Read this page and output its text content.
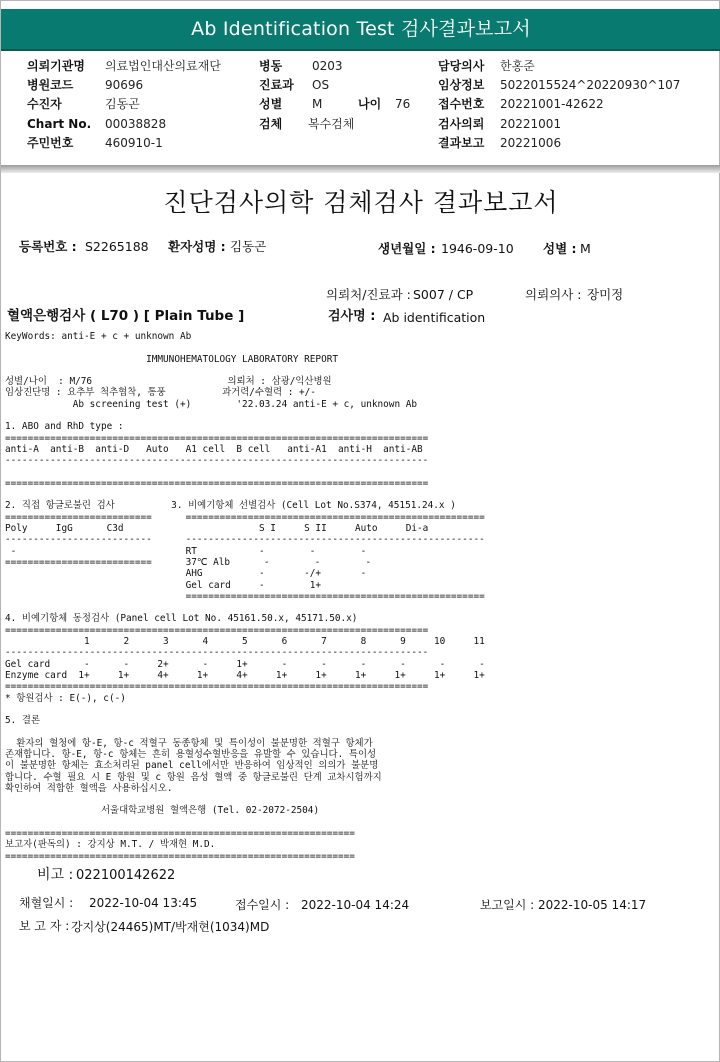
Ab Identification Test 검사결과보고서
의뢰기관명 의료법인대산의료재단
병원코드	90696
수진자	김동곤
Chart No. 00038828
주민번호	460910-1
병동 0203
진료과 OS
성별 M	나이 76
검체 복수검체
담당의사 한홍준
임상정보 5022015524^20220930^107
접수번호 20221001-42622
검사의뢰 20221001
결과보고 20221006
진단검사의학 검체검사 결과보고서
등록번호 : S2265188 환자성명 : 김동곤	생년월일 : 1946-09-10 성별 : M
의뢰처/진료과 : S007 / CP	의뢰의사 : 장미정
혈액은행검사 ( L70 ) [ Plain Tube ]	검사명 : Ab identification
KeyWords: anti-E + c + unknown Ab

IMMUNOHEMATOLOGY LABORATORY REPORT

성별/나이  : M/76                        의뢰처 : 삼광/익산병원
임상진단명 : 요추부 척추협착, 통풍          과거력/수혈력 : +/-
Ab screening test (+)        '22.03.24 anti-E + c, unknown Ab

1. ABO and RhD type :
===========================================================================
anti-A  anti-B  anti-D   Auto   A1 cell  B cell   anti-A1  anti-H  anti-AB
---------------------------------------------------------------------------

===========================================================================

2. 직접 항글로불린 검사          3. 비예기항체 선별검사 (Cell Lot No.S374, 45151.24.x )
==========================      =====================================================
Poly     IgG      C3d                        S I     S II     Auto     Di-a
--------------------------      -----------------------------------------------------
-                              RT           -        -        -
==========================      37℃ Alb      -        -        -
AHG          -       -/+       -
Gel card     -        1+
=====================================================

4. 비예기항체 동정검사 (Panel cell Lot No. 45161.50.x, 45171.50.x)
===========================================================================
1      2      3      4      5      6      7      8      9     10     11
---------------------------------------------------------------------------
Gel card      -      -     2+      -     1+      -      -      -      -      -      -
Enzyme card  1+     1+     4+     1+     4+     1+     1+     1+     1+     1+     1+
===========================================================================
* 항원검사 : E(-), c(-)

5. 결론

환자의 혈청에 항-E, 항-c 적혈구 동종항체 및 특이성이 불분명한 적혈구 항체가
존재합니다. 항-E, 항-c 항체는 흔히 용혈성수혈반응을 유발할 수 있습니다. 특이성
이 불분명한 항체는 효소처리된 panel cell에서만 반응하여 임상적인 의의가 불분명
합니다. 수혈 필요 시 E 항원 및 c 항원 음성 혈액 중 항글로불린 단계 교차시험까지
확인하여 적합한 혈액을 사용하십시오.

서울대학교병원 혈액은행 (Tel. 02-2072-2504)

==============================================================
보고자(판독의) : 강지상 M.T. / 박재현 M.D.
==============================================================
비고 : 022100142622
채혈일시 : 2022-10-04 13:45	접수일시 : 2022-10-04 14:24	보고일시 : 2022-10-05 14:17
보 고 자 : 강지상(24465)MT/박재현(1034)MD
